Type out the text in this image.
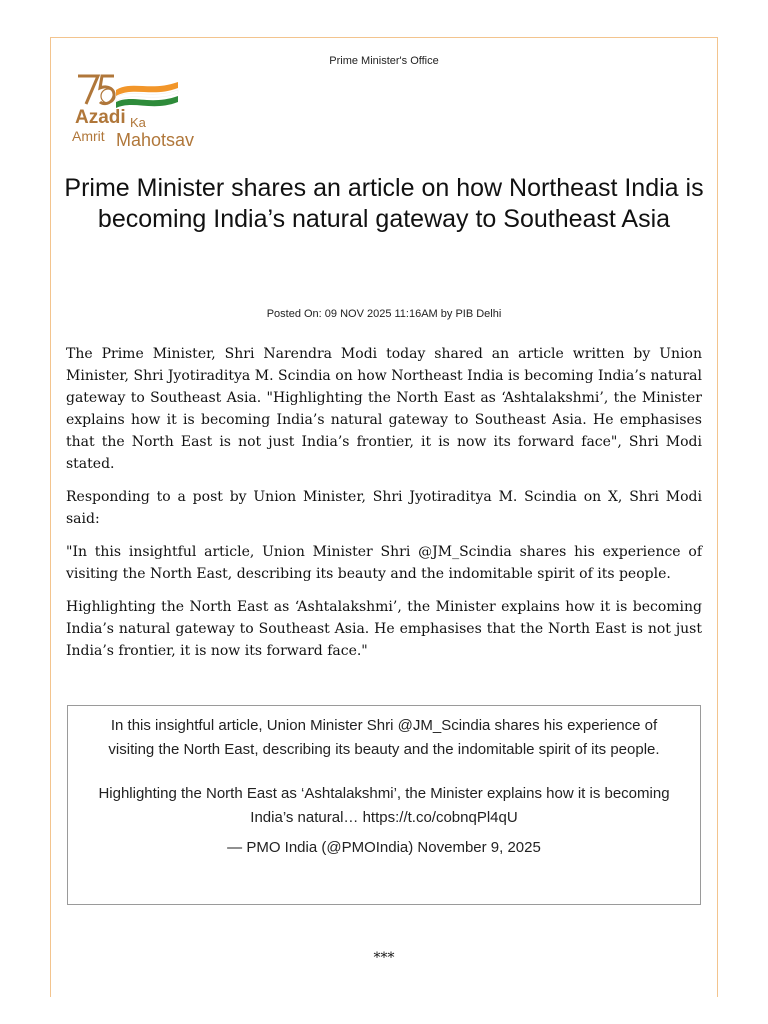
Prime Minister's Office
Azadi Ka
Amrit Mahotsav
Prime Minister shares an article on how Northeast India is becoming India’s natural gateway to Southeast Asia
Posted On: 09 NOV 2025 11:16AM by PIB Delhi

The Prime Minister, Shri Narendra Modi today shared an article written by Union Minister, Shri Jyotiraditya M. Scindia on how Northeast India is becoming India’s natural gateway to Southeast Asia. "Highlighting the North East as ‘Ashtalakshmi’, the Minister explains how it is becoming India’s natural gateway to Southeast Asia. He emphasises that the North East is not just India’s frontier, it is now its forward face", Shri Modi stated.

Responding to a post by Union Minister, Shri Jyotiraditya M. Scindia on X, Shri Modi said:

"In this insightful article, Union Minister Shri @JM_Scindia shares his experience of visiting the North East, describing its beauty and the indomitable spirit of its people.

Highlighting the North East as ‘Ashtalakshmi’, the Minister explains how it is becoming India’s natural gateway to Southeast Asia. He emphasises that the North East is not just India’s frontier, it is now its forward face."

In this insightful article, Union Minister Shri @JM_Scindia shares his experience of visiting the North East, describing its beauty and the indomitable spirit of its people.

Highlighting the North East as ‘Ashtalakshmi’, the Minister explains how it is becoming India’s natural… https://t.co/cobnqPl4qU

— PMO India (@PMOIndia) November 9, 2025

***
